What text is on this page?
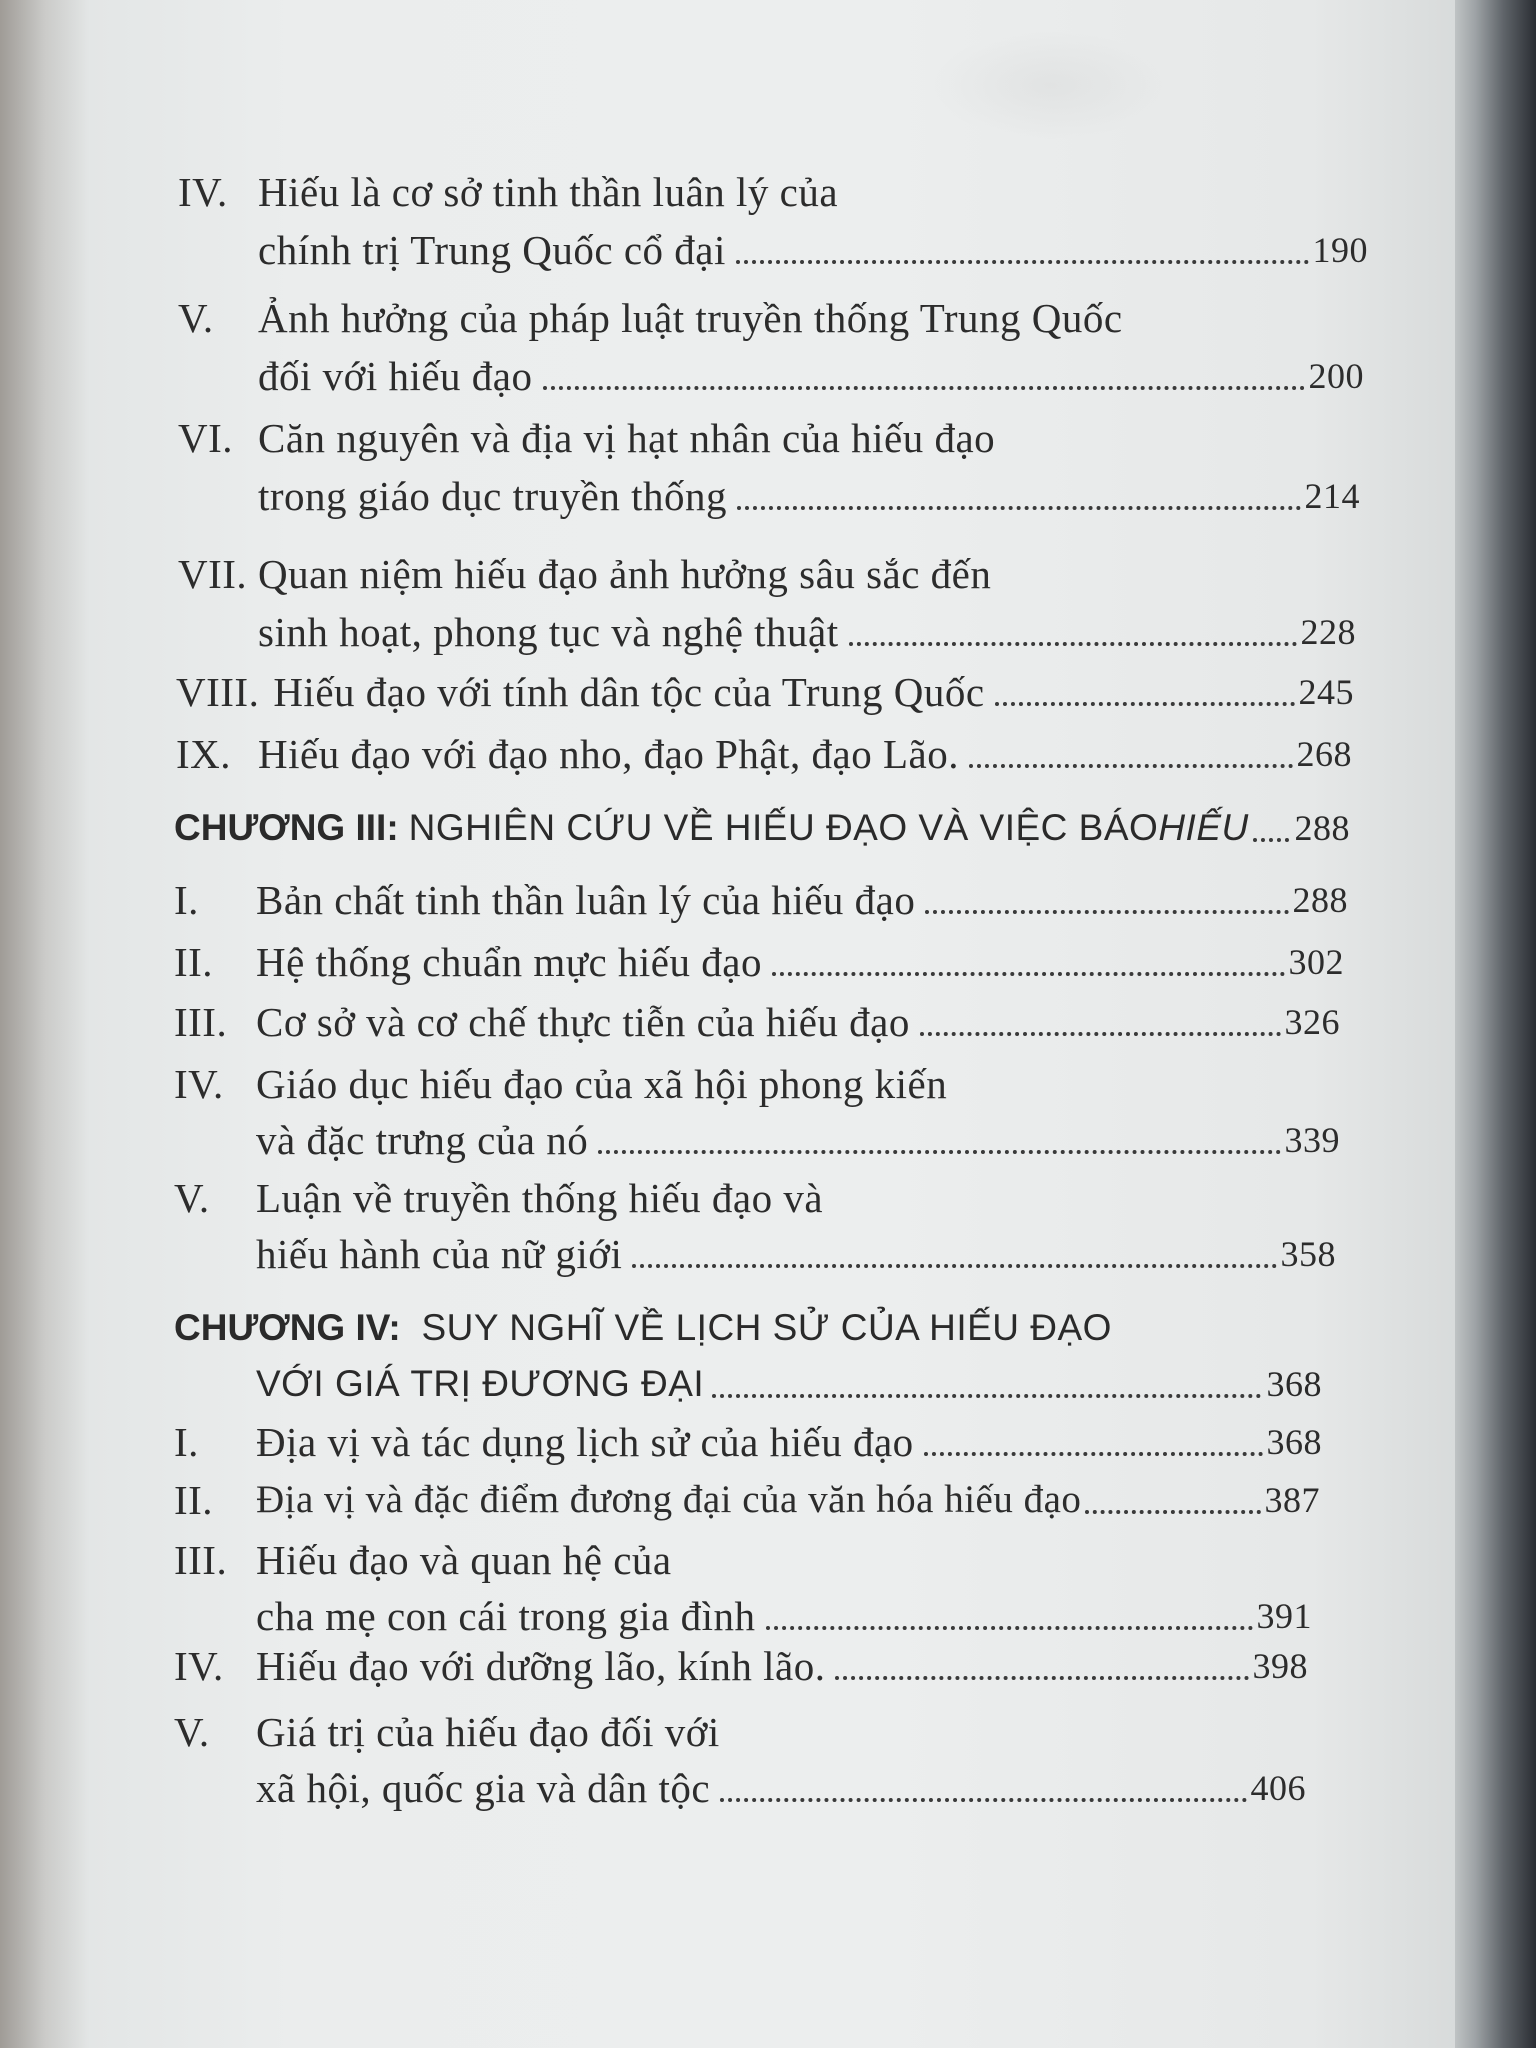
IV. Hiếu là cơ sở tinh thần luân lý của
chính trị Trung Quốc cổ đại	190
V. Ảnh hưởng của pháp luật truyền thống Trung Quốc
đối với hiếu đạo	200
VI. Căn nguyên và địa vị hạt nhân của hiếu đạo
trong giáo dục truyền thống	214
VII. Quan niệm hiếu đạo ảnh hưởng sâu sắc đến
sinh hoạt, phong tục và nghệ thuật	228
VIII. Hiếu đạo với tính dân tộc của Trung Quốc	245
IX. Hiếu đạo với đạo nho, đạo Phật, đạo Lão.	268
CHƯƠNG III: NGHIÊN CỨU VỀ HIẾU ĐẠO VÀ VIỆC BÁO HIẾU 288
I. Bản chất tinh thần luân lý của hiếu đạo	288
II. Hệ thống chuẩn mực hiếu đạo	302
III. Cơ sở và cơ chế thực tiễn của hiếu đạo	326
IV. Giáo dục hiếu đạo của xã hội phong kiến
và đặc trưng của nó	339
V. Luận về truyền thống hiếu đạo và
hiếu hành của nữ giới	358
CHƯƠNG IV: SUY NGHĨ VỀ LỊCH SỬ CỦA HIẾU ĐẠO
VỚI GIÁ TRỊ ĐƯƠNG ĐẠI	368
I. Địa vị và tác dụng lịch sử của hiếu đạo	368
II. Địa vị và đặc điểm đương đại của văn hóa hiếu đạo	387
III. Hiếu đạo và quan hệ của
cha mẹ con cái trong gia đình	391
IV. Hiếu đạo với dưỡng lão, kính lão.	398
V. Giá trị của hiếu đạo đối với
xã hội, quốc gia và dân tộc	406
